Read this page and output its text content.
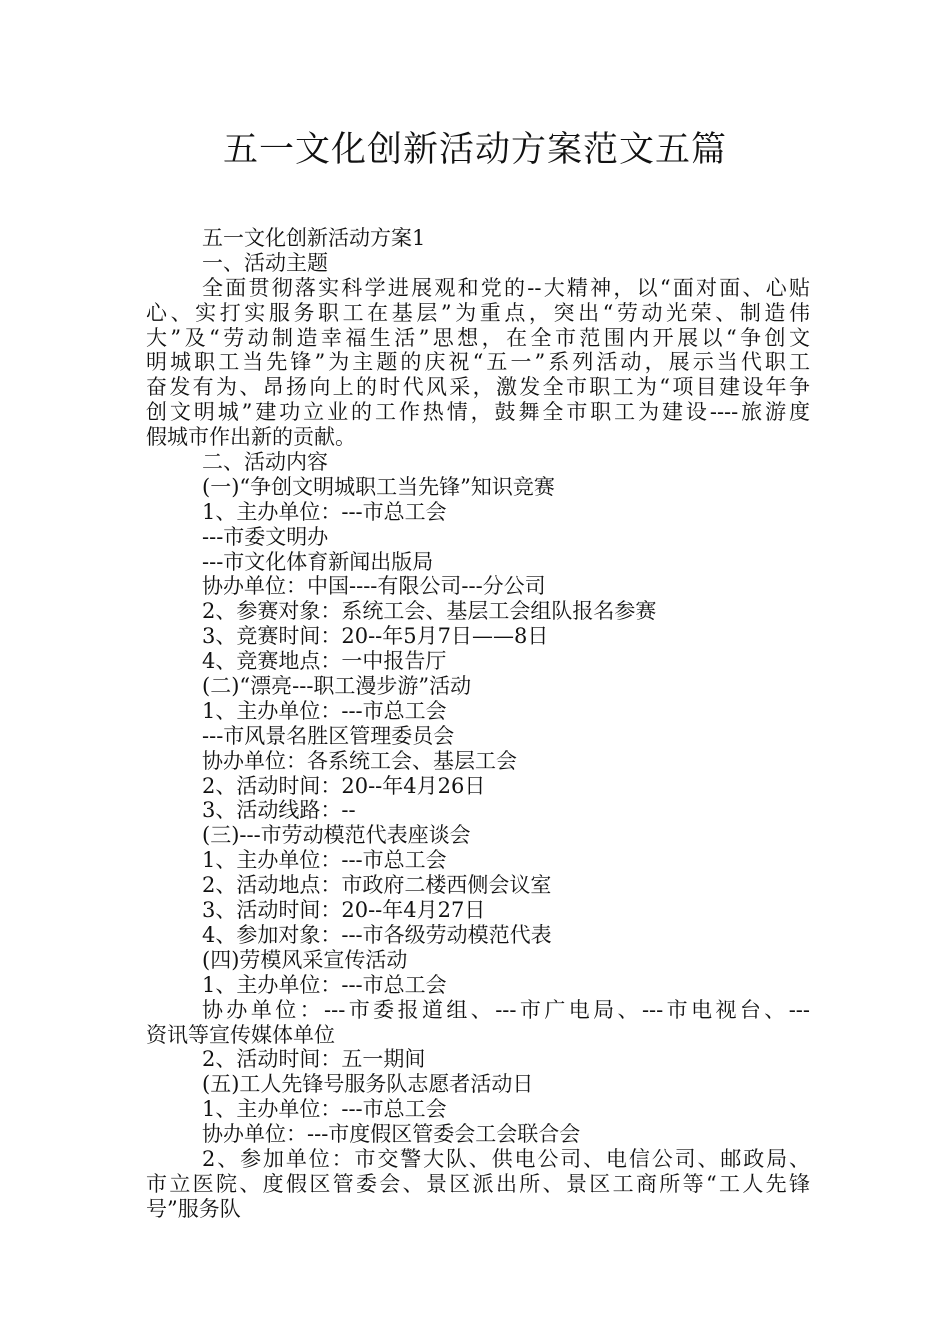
五一文化创新活动方案范文五篇
五一文化创新活动方案1
一、活动主题
全面贯彻落实科学进展观和党的--大精神，以“面对面、心贴
心、实打实服务职工在基层”为重点，突出“劳动光荣、制造伟
大”及“劳动制造幸福生活”思想，在全市范围内开展以“争创文
明城职工当先锋”为主题的庆祝“五一”系列活动，展示当代职工
奋发有为、昂扬向上的时代风采，激发全市职工为“项目建设年争
创文明城”建功立业的工作热情，鼓舞全市职工为建设----旅游度
假城市作出新的贡献。
二、活动内容
(一)“争创文明城职工当先锋”知识竞赛
1、主办单位：---市总工会
---市委文明办
---市文化体育新闻出版局
协办单位：中国----有限公司---分公司
2、参赛对象：系统工会、基层工会组队报名参赛
3、竞赛时间：20--年5月7日——8日
4、竞赛地点：一中报告厅
(二)“漂亮---职工漫步游”活动
1、主办单位：---市总工会
---市风景名胜区管理委员会
协办单位：各系统工会、基层工会
2、活动时间：20--年4月26日
3、活动线路：--
(三)---市劳动模范代表座谈会
1、主办单位：---市总工会
2、活动地点：市政府二楼西侧会议室
3、活动时间：20--年4月27日
4、参加对象：---市各级劳动模范代表
(四)劳模风采宣传活动
1、主办单位：---市总工会
协办单位：---市委报道组、---市广电局、---市电视台、---
资讯等宣传媒体单位
2、活动时间：五一期间
(五)工人先锋号服务队志愿者活动日
1、主办单位：---市总工会
协办单位：---市度假区管委会工会联合会
2、参加单位：市交警大队、供电公司、电信公司、邮政局、
市立医院、度假区管委会、景区派出所、景区工商所等“工人先锋
号”服务队
